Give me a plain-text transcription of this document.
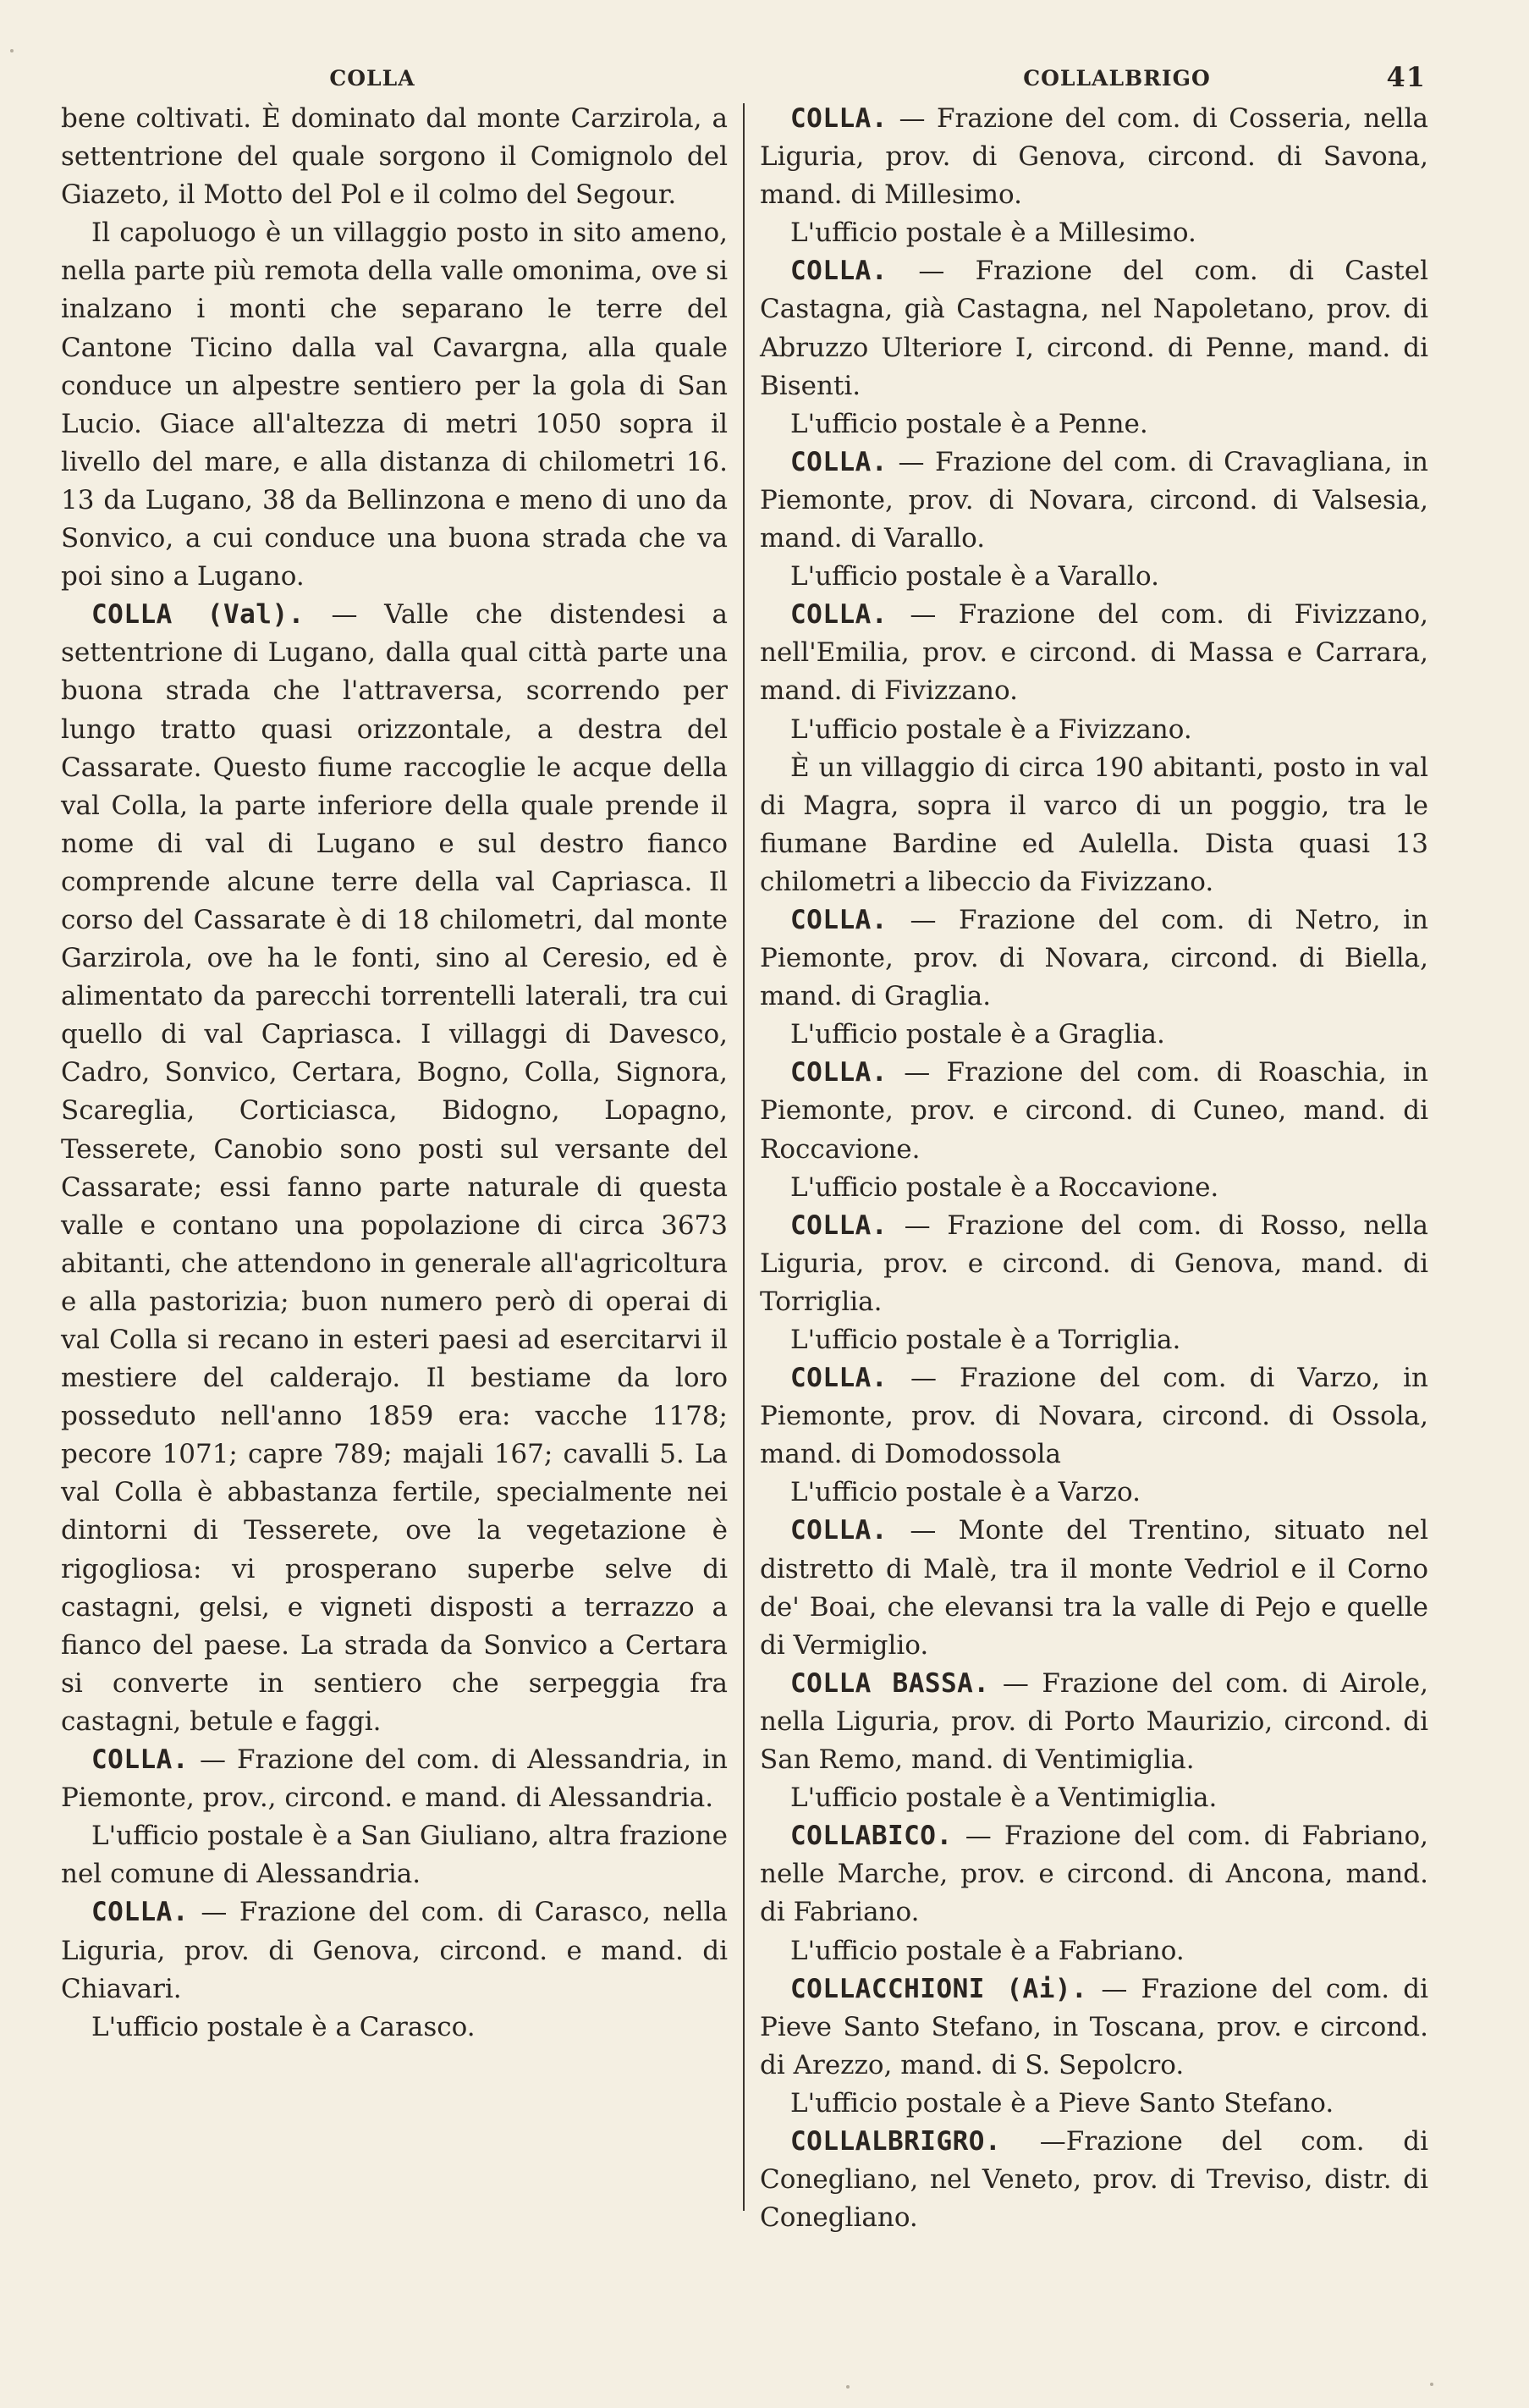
COLLA	COLLALBRIGO	41

bene coltivati. È dominato dal monte Carzirola, a settentrione del quale sorgono il Comignolo del Giazeto, il Motto del Pol e il colmo del Segour.

Il capoluogo è un villaggio posto in sito ameno, nella parte più remota della valle omonima, ove si inalzano i monti che separano le terre del Cantone Ticino dalla val Cavargna, alla quale conduce un alpestre sentiero per la gola di San Lucio. Giace all'altezza di metri 1050 sopra il livello del mare, e alla distanza di chilometri 16. 13 da Lugano, 38 da Bellinzona e meno di uno da Sonvico, a cui conduce una buona strada che va poi sino a Lugano.

COLLA (Val). — Valle che distendesi a settentrione di Lugano, dalla qual città parte una buona strada che l'attraversa, scorrendo per lungo tratto quasi orizzontale, a destra del Cassarate. Questo fiume raccoglie le acque della val Colla, la parte inferiore della quale prende il nome di val di Lugano e sul destro fianco comprende alcune terre della val Capriasca. Il corso del Cassarate è di 18 chilometri, dal monte Garzirola, ove ha le fonti, sino al Ceresio, ed è alimentato da parecchi torrentelli laterali, tra cui quello di val Capriasca. I villaggi di Davesco, Cadro, Sonvico, Certara, Bogno, Colla, Signora, Scareglia, Corticiasca, Bidogno, Lopagno, Tesserete, Canobio sono posti sul versante del Cassarate; essi fanno parte naturale di questa valle e contano una popolazione di circa 3673 abitanti, che attendono in generale all'agricoltura e alla pastorizia; buon numero però di operai di val Colla si recano in esteri paesi ad esercitarvi il mestiere del calderajo. Il bestiame da loro posseduto nell'anno 1859 era: vacche 1178; pecore 1071; capre 789; majali 167; cavalli 5. La val Colla è abbastanza fertile, specialmente nei dintorni di Tesserete, ove la vegetazione è rigogliosa: vi prosperano superbe selve di castagni, gelsi, e vigneti disposti a terrazzo a fianco del paese. La strada da Sonvico a Certara si converte in sentiero che serpeggia fra castagni, betule e faggi.

COLLA. — Frazione del com. di Alessandria, in Piemonte, prov., circond. e mand. di Alessandria.

L'ufficio postale è a San Giuliano, altra frazione nel comune di Alessandria.

COLLA. — Frazione del com. di Carasco, nella Liguria, prov. di Genova, circond. e mand. di Chiavari.

L'ufficio postale è a Carasco.

COLLA. — Frazione del com. di Cosseria, nella Liguria, prov. di Genova, circond. di Savona, mand. di Millesimo.

L'ufficio postale è a Millesimo.

COLLA. — Frazione del com. di Castel Castagna, già Castagna, nel Napoletano, prov. di Abruzzo Ulteriore I, circond. di Penne, mand. di Bisenti.

L'ufficio postale è a Penne.

COLLA. — Frazione del com. di Cravagliana, in Piemonte, prov. di Novara, circond. di Valsesia, mand. di Varallo.

L'ufficio postale è a Varallo.

COLLA. — Frazione del com. di Fivizzano, nell'Emilia, prov. e circond. di Massa e Carrara, mand. di Fivizzano.

L'ufficio postale è a Fivizzano.

È un villaggio di circa 190 abitanti, posto in val di Magra, sopra il varco di un poggio, tra le fiumane Bardine ed Aulella. Dista quasi 13 chilometri a libeccio da Fivizzano.

COLLA. — Frazione del com. di Netro, in Piemonte, prov. di Novara, circond. di Biella, mand. di Graglia.

L'ufficio postale è a Graglia.

COLLA. — Frazione del com. di Roaschia, in Piemonte, prov. e circond. di Cuneo, mand. di Roccavione.

L'ufficio postale è a Roccavione.

COLLA. — Frazione del com. di Rosso, nella Liguria, prov. e circond. di Genova, mand. di Torriglia.

L'ufficio postale è a Torriglia.

COLLA. — Frazione del com. di Varzo, in Piemonte, prov. di Novara, circond. di Ossola, mand. di Domodossola

L'ufficio postale è a Varzo.

COLLA. — Monte del Trentino, situato nel distretto di Malè, tra il monte Vedriol e il Corno de' Boai, che elevansi tra la valle di Pejo e quelle di Vermiglio.

COLLA BASSA. — Frazione del com. di Airole, nella Liguria, prov. di Porto Maurizio, circond. di San Remo, mand. di Ventimiglia.

L'ufficio postale è a Ventimiglia.

COLLABICO. — Frazione del com. di Fabriano, nelle Marche, prov. e circond. di Ancona, mand. di Fabriano.

L'ufficio postale è a Fabriano.

COLLACCHIONI (Ai). — Frazione del com. di Pieve Santo Stefano, in Toscana, prov. e circond. di Arezzo, mand. di S. Sepolcro.

L'ufficio postale è a Pieve Santo Stefano.

COLLALBRIGRO. —Frazione del com. di Conegliano, nel Veneto, prov. di Treviso, distr. di Conegliano.
